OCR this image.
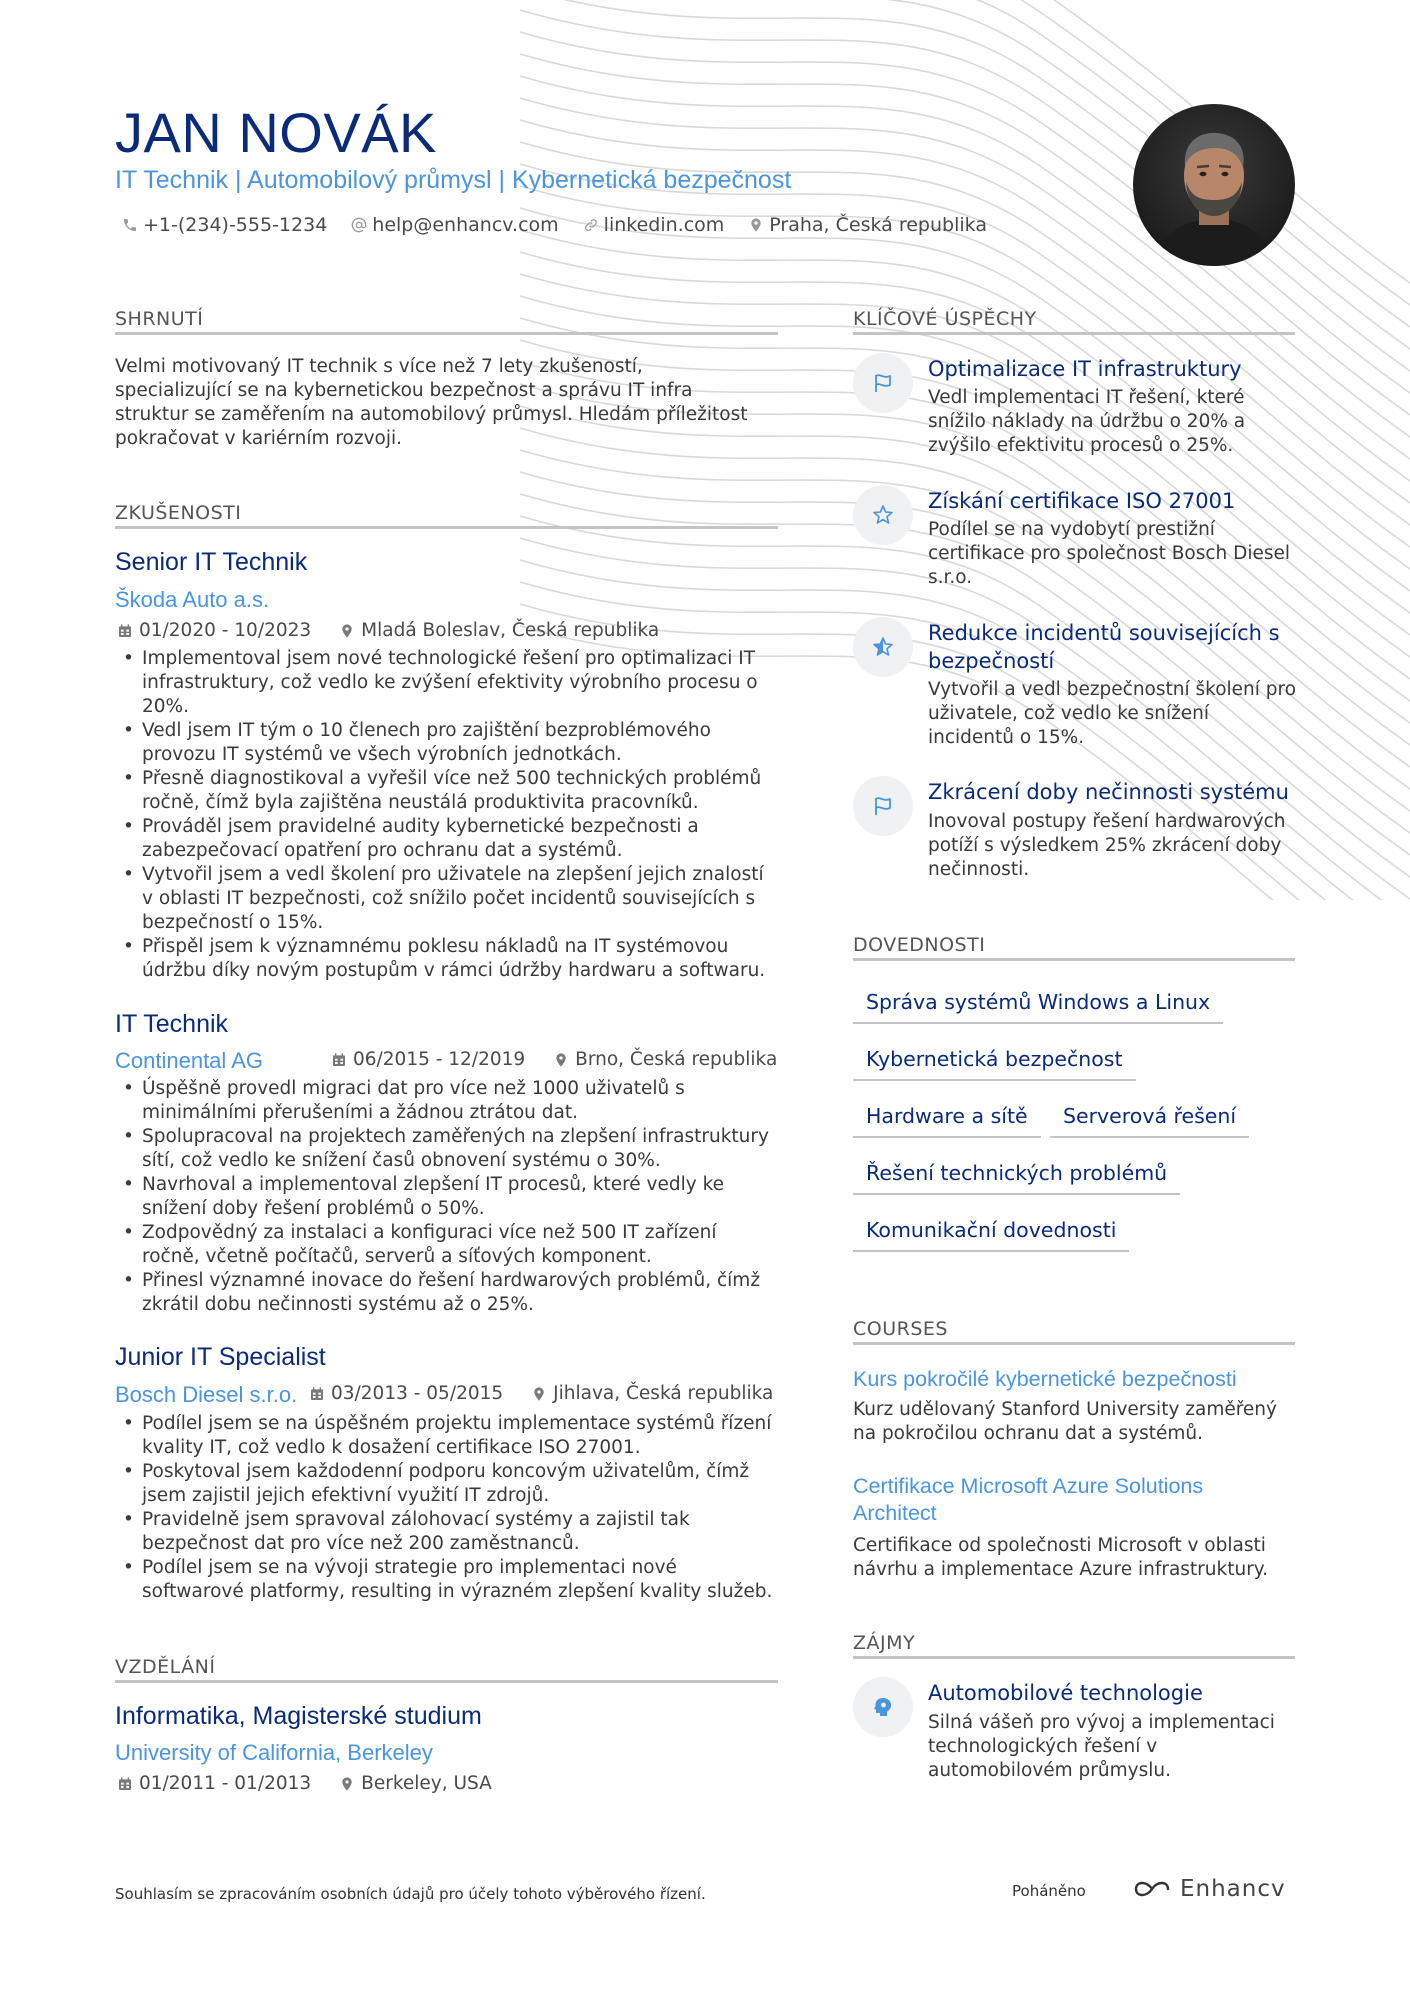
JAN NOVÁK
IT Technik | Automobilový průmysl | Kybernetická bezpečnost
+1-(234)-555-1234 help@enhancv.com linkedin.com Praha, Česká republika
SHRNUTÍ
Velmi motivovaný IT technik s více než 7 lety zkušeností, specializující se na kybernetickou bezpečnost a správu IT infra struktur se zaměřením na automobilový průmysl. Hledám příležitost pokračovat v kariérním rozvoji.
ZKUŠENOSTI
Senior IT Technik
Škoda Auto a.s.
01/2020 - 10/2023	Mladá Boleslav, Česká republika
• Implementoval jsem nové technologické řešení pro optimalizaci IT infrastruktury, což vedlo ke zvýšení efektivity výrobního procesu o 20%.
• Vedl jsem IT tým o 10 členech pro zajištění bezproblémového provozu IT systémů ve všech výrobních jednotkách.
• Přesně diagnostikoval a vyřešil více než 500 technických problémů ročně, čímž byla zajištěna neustálá produktivita pracovníků.
• Prováděl jsem pravidelné audity kybernetické bezpečnosti a zabezpečovací opatření pro ochranu dat a systémů.
• Vytvořil jsem a vedl školení pro uživatele na zlepšení jejich znalostí v oblasti IT bezpečnosti, což snížilo počet incidentů souvisejících s bezpečností o 15%.
• Přispěl jsem k významnému poklesu nákladů na IT systémovou údržbu díky novým postupům v rámci údržby hardwaru a softwaru.
IT Technik
Continental AG	06/2015 - 12/2019	Brno, Česká republika
• Úspěšně provedl migraci dat pro více než 1000 uživatelů s minimálními přerušeními a žádnou ztrátou dat.
• Spolupracoval na projektech zaměřených na zlepšení infrastruktury sítí, což vedlo ke snížení časů obnovení systému o 30%.
• Navrhoval a implementoval zlepšení IT procesů, které vedly ke snížení doby řešení problémů o 50%.
• Zodpovědný za instalaci a konfiguraci více než 500 IT zařízení ročně, včetně počítačů, serverů a síťových komponent.
• Přinesl významné inovace do řešení hardwarových problémů, čímž zkrátil dobu nečinnosti systému až o 25%.
Junior IT Specialist
Bosch Diesel s.r.o. 03/2013 - 05/2015	Jihlava, Česká republika
• Podílel jsem se na úspěšném projektu implementace systémů řízení kvality IT, což vedlo k dosažení certifikace ISO 27001.
• Poskytoval jsem každodenní podporu koncovým uživatelům, čímž jsem zajistil jejich efektivní využití IT zdrojů.
• Pravidelně jsem spravoval zálohovací systémy a zajistil tak bezpečnost dat pro více než 200 zaměstnanců.
• Podílel jsem se na vývoji strategie pro implementaci nové softwarové platformy, resulting in výrazném zlepšení kvality služeb.
VZDĚLÁNÍ
Informatika, Magisterské studium
University of California, Berkeley
01/2011 - 01/2013	Berkeley, USA
KLÍČOVÉ ÚSPĚCHY
Optimalizace IT infrastruktury
Vedl implementaci IT řešení, které snížilo náklady na údržbu o 20% a zvýšilo efektivitu procesů o 25%.
Získání certifikace ISO 27001
Podílel se na vydobytí prestižní certifikace pro společnost Bosch Diesel s.r.o.
Redukce incidentů souvisejících s bezpečností
Vytvořil a vedl bezpečnostní školení pro uživatele, což vedlo ke snížení incidentů o 15%.
Zkrácení doby nečinnosti systému
Inovoval postupy řešení hardwarových potíží s výsledkem 25% zkrácení doby nečinnosti.
DOVEDNOSTI
Správa systémů Windows a Linux
Kybernetická bezpečnost
Hardware a sítě	Serverová řešení
Řešení technických problémů
Komunikační dovednosti
COURSES
Kurs pokročilé kybernetické bezpečnosti
Kurz udělovaný Stanford University zaměřený na pokročilou ochranu dat a systémů.
Certifikace Microsoft Azure Solutions Architect
Certifikace od společnosti Microsoft v oblasti návrhu a implementace Azure infrastruktury.
ZÁJMY
Automobilové technologie
Silná vášeň pro vývoj a implementaci technologických řešení v automobilovém průmyslu.
Souhlasím se zpracováním osobních údajů pro účely tohoto výběrového řízení.	Poháněno	Enhancv
